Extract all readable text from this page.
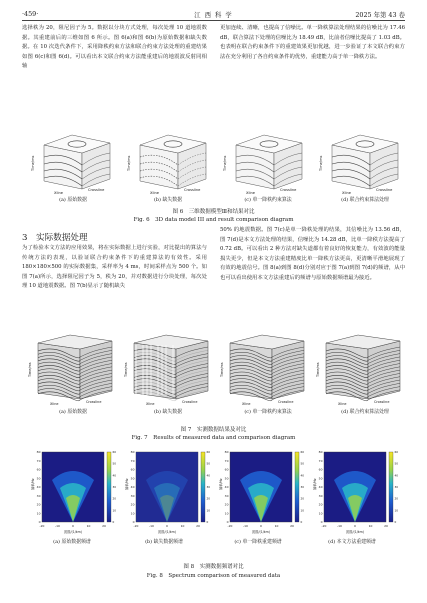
·459·	江 西 科 学	2025 年第 43 卷

选择秩为 20，阻尼因子为 5。数据以分块方式处理，每次处理 10 道地震数据。其重建前后的三维如图 6 所示。图 6(a)和图 6(b)为原始数据和缺失数据。在 10 次迭代条件下，采用降秩约束方法和联合约束方法处理的重建结果如图 6(c)和图 6(d)。可以看出本文联合约束方法能重建后的地震波反射同相轴

更加连续、清晰，也提高了信噪比。单一降秩算法处理结果的信噪比为 17.46 dB，联合算法下处理的信噪比为 18.49 dB，比前者信噪比提高了 1.03 dB。也表明在联合约束条件下的重建效果更加优越，进一步验证了本文联合约束方法在充分利用了各自约束条件的优势，重建能力高于单一降秩方法。

Time/ms
Xline
Crossline
Time/ms
Xline
Crossline
Time/ms
Xline
Crossline
Time/ms
Xline
Crossline
(a) 原始数据	(b) 缺失数据	(c) 单一降秩约束算法	(d) 联合约束算法处理
图 6　三维数据模型Ⅲ和结果对比
Fig. 6　3D data model III and result comparison diagram
3　实际数据处理

为了检验本文方法的应用效果，将在实际数据上进行实验，对比提出的算法与传统方法的表现，以验证联合约束条件下的重建算法的有效性。采用 180×180×500 的实际数据集，采样率为 4 ms，时间采样点为 500 个。如图 7(a)所示，选择阻尼因子为 5，秩为 20，并对数据进行分块处理，每次处理 10 道地震数据。图 7(b)显示了随机缺失

50% 的地震数据。图 7(c)是单一降秩处理的结果，其信噪比为 13.56 dB，图 7(d)是本文方法处理的结果，信噪比为 14.28 dB，比单一降秩方法提高了 0.72 dB。可以看出 2 种方法对缺失道都有着良好的恢复能力，有效波的能量损失更少，但是本文方法重建精度比单一降秩方法更高，更清晰平滑地展现了有效的地震信号。图 8(a)到图 8(d)分别对应于图 7(a)到图 7(d)的频谱，从中也可以看出使用本文方法重建后的频谱与原始数据频谱最为接近。

Time/ms
Xline	Crossline
Time/ms
Xline	Crossline
Time/ms
Xline	Crossline
Time/ms
Xline	Crossline
(a) 原始数据	(b) 缺失数据	(c) 单一降秩约束算法	(d) 联合约束算法处理
图 7　实测数据结果及对比
Fig. 7　Results of measured data and comparison diagram
0
10
20
30
40
50
60
70
80
-20	-10	0	10	20
频率/Hz
波数/(1/km)
0
10
20
30
40
50
60
0
10
20
30
40
50
60
70
80
-20	-10	0	10	20
频率/Hz
波数/(1/km)
0
10
20
30
40
50
60
0
10
20
30
40
50
60
70
80
-20	-10	0	10	20
频率/Hz
波数/(1/km)
0
10
20
30
40
50
60
0
10
20
30
40
50
60
70
80
-20	-10	0	10	20
频率/Hz
波数/(1/km)
0
10
20
30
40
50
60
(a) 原始数据频谱	(b) 缺失数据频谱	(c) 单一降秩重建频谱	(d) 本文方法重建频谱
图 8　实测数据频谱对比
Fig. 8　Spectrum comparison of measured data
